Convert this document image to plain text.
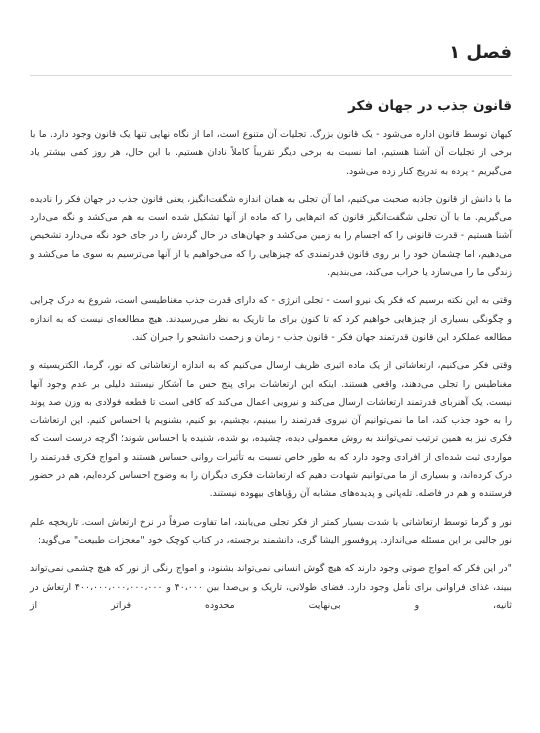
فصل ۱
قانون جذب در جهان فکر

کیهان توسط قانون اداره می‌شود - یک قانون بزرگ. تجلیات آن متنوع است، اما از نگاه نهایی تنها یک قانون وجود دارد. ما با برخی از تجلیات آن آشنا هستیم، اما نسبت به برخی دیگر تقریباً کاملاً نادان هستیم. با این حال، هر روز کمی بیشتر یاد می‌گیریم - پرده به تدریج کنار زده می‌شود.

ما با دانش از قانون جاذبه صحبت می‌کنیم، اما آن تجلی به همان اندازه شگفت‌انگیز، یعنی قانون جذب در جهان فکر را نادیده می‌گیریم. ما با آن تجلی شگفت‌انگیز قانون که اتم‌هایی را که ماده از آنها تشکیل شده است به هم می‌کشد و نگه می‌دارد آشنا هستیم - قدرت قانونی را که اجسام را به زمین می‌کشد و جهان‌های در حال گردش را در جای خود نگه می‌دارد تشخیص می‌دهیم، اما چشمان خود را بر روی قانون قدرتمندی که چیزهایی را که می‌خواهیم یا از آنها می‌ترسیم به سوی ما می‌کشد و زندگی ما را می‌سازد یا خراب می‌کند، می‌بندیم.

وقتی به این نکته برسیم که فکر یک نیرو است - تجلی انرژی - که دارای قدرت جذب مغناطیسی است، شروع به درک چرایی و چگونگی بسیاری از چیزهایی خواهیم کرد که تا کنون برای ما تاریک به نظر می‌رسیدند. هیچ مطالعه‌ای نیست که به اندازه مطالعه عملکرد این قانون قدرتمند جهان فکر - قانون جذب - زمان و زحمت دانشجو را جبران کند.

وقتی فکر می‌کنیم، ارتعاشاتی از یک ماده اثیری ظریف ارسال می‌کنیم که به اندازه ارتعاشاتی که نور، گرما، الکتریسیته و مغناطیس را تجلی می‌دهند، واقعی هستند. اینکه این ارتعاشات برای پنج حس ما آشکار نیستند دلیلی بر عدم وجود آنها نیست. یک آهنربای قدرتمند ارتعاشات ارسال می‌کند و نیرویی اعمال می‌کند که کافی است تا قطعه فولادی به وزن صد پوند را به خود جذب کند، اما ما نمی‌توانیم آن نیروی قدرتمند را ببینیم، بچشیم، بو کنیم، بشنویم یا احساس کنیم. این ارتعاشات فکری نیز به همین ترتیب نمی‌توانند به روش معمولی دیده، چشیده، بو شده، شنیده یا احساس شوند؛ اگرچه درست است که مواردی ثبت شده‌ای از افرادی وجود دارد که به طور خاص نسبت به تأثیرات روانی حساس هستند و امواج فکری قدرتمند را درک کرده‌اند، و بسیاری از ما می‌توانیم شهادت دهیم که ارتعاشات فکری دیگران را به وضوح احساس کرده‌ایم، هم در حضور فرستنده و هم در فاصله. تله‌پاتی و پدیده‌های مشابه آن رؤیاهای بیهوده نیستند.

نور و گرما توسط ارتعاشاتی با شدت بسیار کمتر از فکر تجلی می‌یابند، اما تفاوت صرفاً در نرخ ارتعاش است. تاریخچه علم نور جالبی بر این مسئله می‌اندازد. پروفسور الیشا گری، دانشمند برجسته، در کتاب کوچک خود "معجزات طبیعت" می‌گوید:

"در این فکر که امواج صوتی وجود دارند که هیچ گوش انسانی نمی‌تواند بشنود، و امواج رنگی از نور که هیچ چشمی نمی‌تواند ببیند، غذای فراوانی برای تأمل وجود دارد. فضای طولانی، تاریک و بی‌صدا بین ۴۰،۰۰۰ و ۴۰۰،۰۰۰،۰۰۰،۰۰۰،۰۰۰ ارتعاش در ثانیه، و بی‌نهایت محدوده فراتر از
